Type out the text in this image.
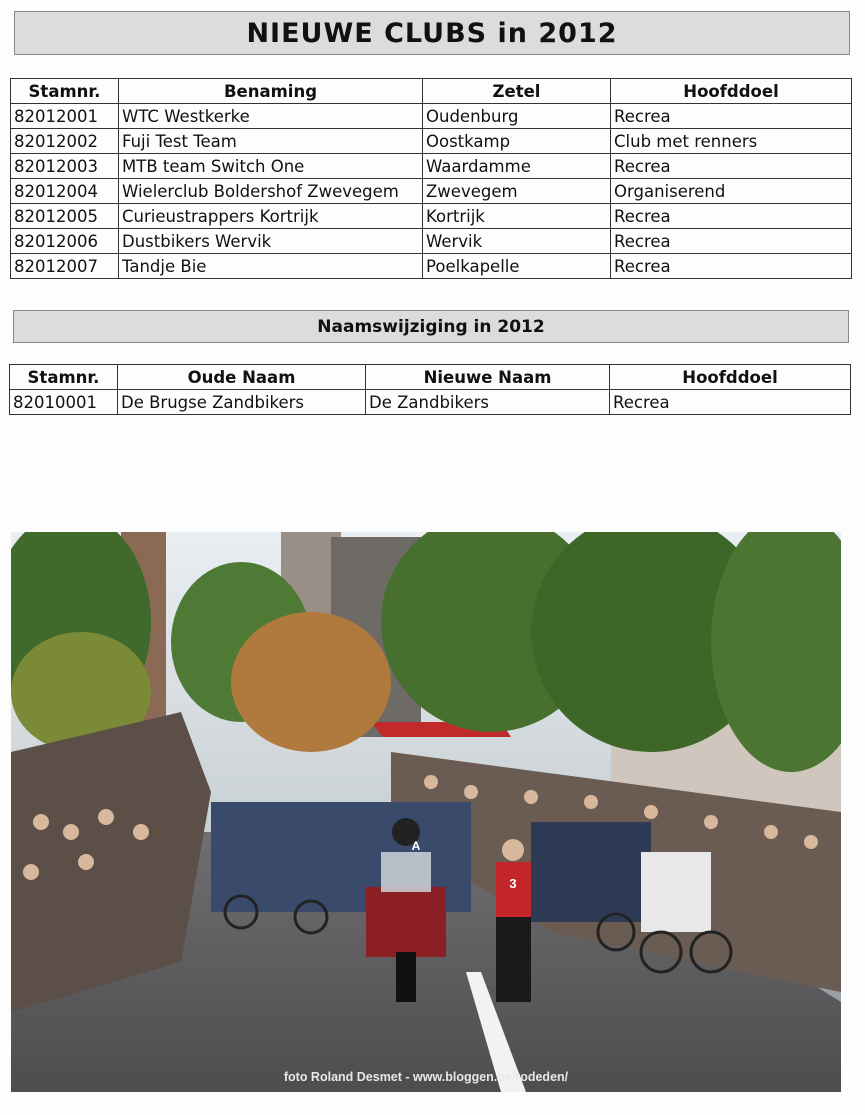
NIEUWE CLUBS in 2012
Stamnr.	Benaming	Zetel	Hoofddoel
82012001	WTC Westkerke	Oudenburg	Recrea
82012002	Fuji Test Team	Oostkamp	Club met renners
82012003	MTB team Switch One	Waardamme	Recrea
82012004	Wielerclub Boldershof Zwevegem	Zwevegem	Organiserend
82012005	Curieustrappers Kortrijk	Kortrijk	Recrea
82012006	Dustbikers Wervik	Wervik	Recrea
82012007	Tandje Bie	Poelkapelle	Recrea
Naamswijziging in 2012
Stamnr.	Oude Naam	Nieuwe Naam	Hoofddoel
82010001	De Brugse Zandbikers	De Zandbikers	Recrea
3
A
foto Roland Desmet - www.bloggen.be/rodeden/
